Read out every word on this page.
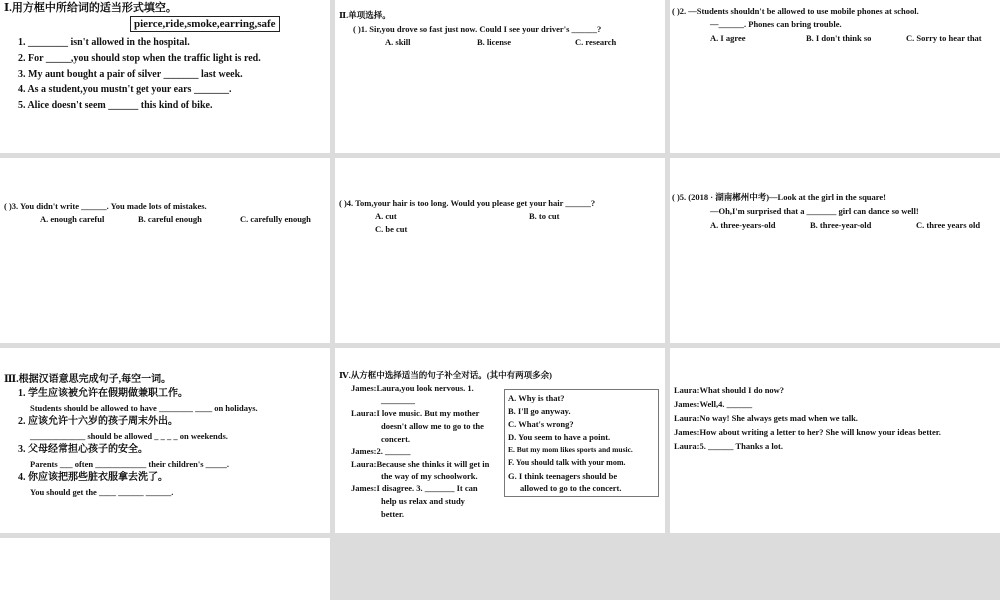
Ⅰ.用方框中所给词的适当形式填空。
pierce,ride,smoke,earring,safe
1. ________ isn't allowed in the hospital.
2. For _____,you should stop when the traffic light is red.
3. My aunt bought a pair of silver _______ last week.
4. As a student,you mustn't get your ears _______.
5. Alice doesn't seem ______ this kind of bike.
Ⅱ.单项选择。
( )1. Sir,you drove so fast just now. Could I see your driver's ______?
A. skill	B. license	C. research
( )2. —Students shouldn't be allowed to use mobile phones at school.
—______. Phones can bring trouble.
A. I agree	B. I don't think so	C. Sorry to hear that
( )3. You didn't write ______. You made lots of mistakes.
A. enough careful	B. careful enough	C. carefully enough
( )4. Tom,your hair is too long. Would you please get your hair ______?
A. cut	B. to cut
C. be cut
( )5. (2018 · 湖南郴州中考)—Look at the girl in the square!
—Oh,I'm surprised that a _______ girl can dance so well!
A. three-years-old	B. three-year-old	C. three years old
Ⅲ.根据汉语意思完成句子,每空一词。
1. 学生应该被允许在假期做兼职工作。
Students should be allowed to have ________ ____ on holidays.
2. 应该允许十六岁的孩子周末外出。
_____________ should be allowed _ _ _ _ on weekends.
3. 父母经常担心孩子的安全。
Parents ___ often ____________ their children's _____.
4. 你应该把那些脏衣服拿去洗了。
You should get the ____ ______ ______.
Ⅳ.从方框中选择适当的句子补全对话。(其中有两项多余)
James:Laura,you look nervous. 1.
________
Laura:I love music. But my mother
doesn't allow me to go to the
concert.
James:2. ______
Laura:Because she thinks it will get in
the way of my schoolwork.
James:I disagree. 3. _______ It can
help us relax and study
better.
A. Why is that?
B. I'll go anyway.
C. What's wrong?
D. You seem to have a point.
E. But my mom likes sports and music.
F. You should talk with your mom.
G. I think teenagers should be
allowed to go to the concert.
Laura:What should I do now?
James:Well,4. ______
Laura:No way! She always gets mad when we talk.
James:How about writing a letter to her? She will know your ideas better.
Laura:5. ______ Thanks a lot.
